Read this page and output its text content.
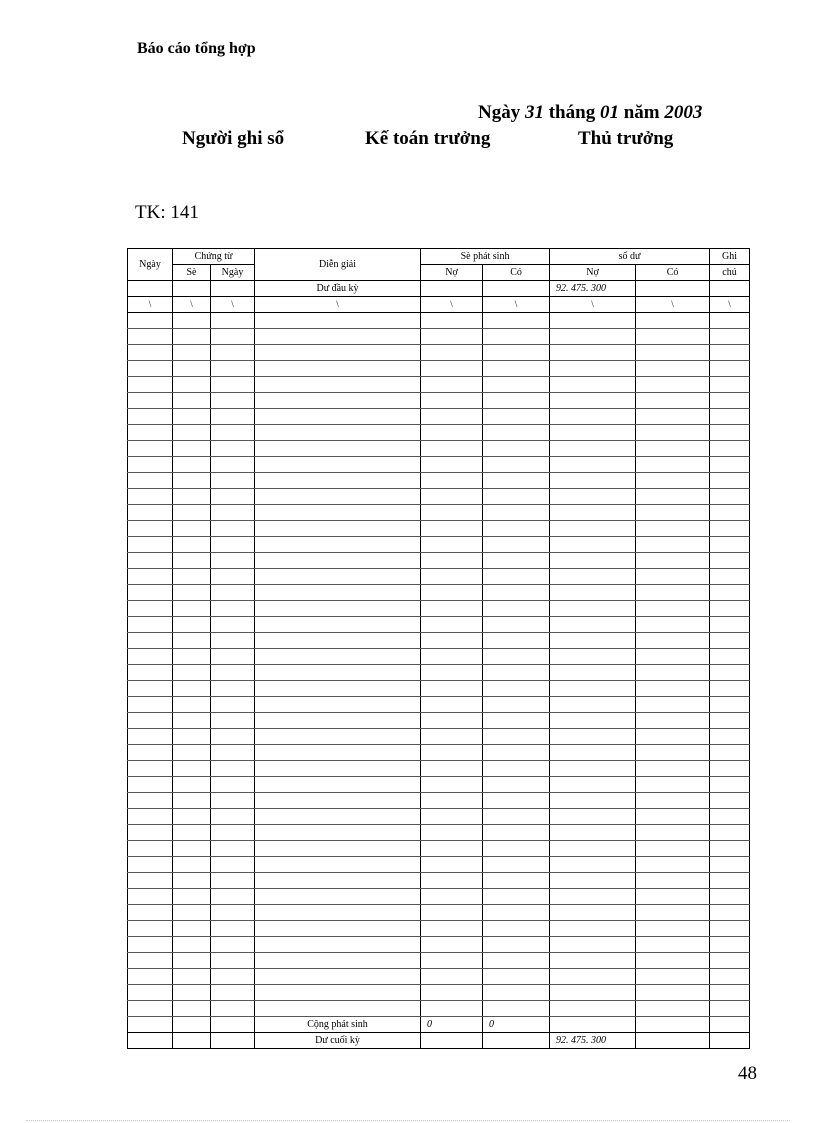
Báo cáo tổng hợp
Ngày 31 tháng 01 năm 2003
Người ghi sổ	Kế toán trưởng	Thủ trưởng
TK: 141
Ngày	Chứng từ		Diễn giải	Sè phát sinh		số dư		Ghi
	Sè	Ngày		Nợ	Có	Nợ	Có	chú
			Dư đầu kỳ			92. 475. 300		
\	\	\	\	\	\	\	\	\

			Cộng phát sinh	0	0			
			Dư cuối kỳ			92. 475. 300		
48
